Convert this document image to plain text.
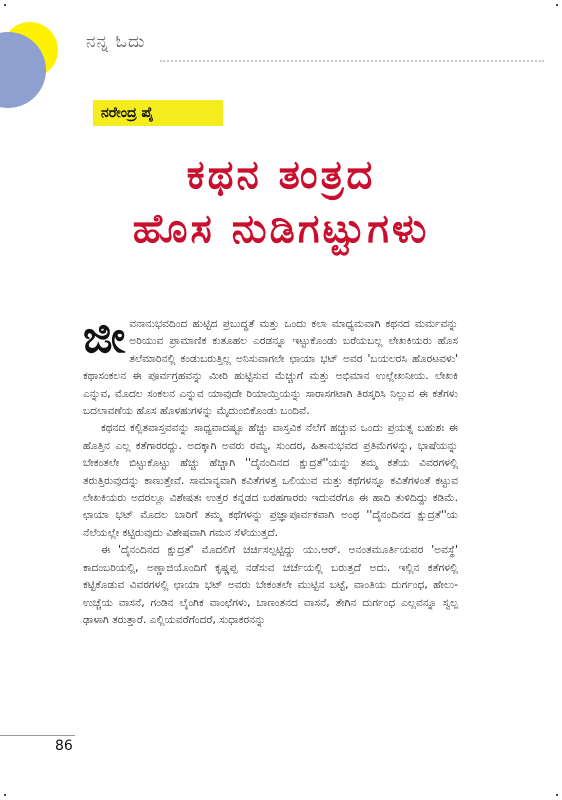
ನನ್ನ ಓದು
ನರೇಂದ್ರ ಪೈ
ಕಥನ ತಂತ್ರದ
ಹೊಸ ನುಡಿಗಟ್ಟುಗಳು

ಜೀವನಾನುಭವದಿಂದ ಹುಟ್ಟಿದ ಪ್ರಬುದ್ಧತೆ ಮತ್ತು ಒಂದು ಕಲಾ ಮಾಧ್ಯಮವಾಗಿ ಕಥನದ ಮರ್ಮವನ್ನು ಅರಿಯುವ ಪ್ರಾಮಾಣಿಕ ಕುತೂಹಲ ಎರಡನ್ನೂ ಇಟ್ಟುಕೊಂಡು ಬರೆಯಬಲ್ಲ ಲೇಖಕಿಯರು ಹೊಸ ತಲೆಮಾರಿನಲ್ಲಿ ಕಂಡುಬರುತ್ತಿಲ್ಲ ಅನಿಸುವಾಗಲೇ ಛಾಯಾ ಭಟ್ ಅವರ 'ಬಯಲರಸಿ ಹೊರಟವಳು' ಕಥಾಸಂಕಲನ ಈ ಪೂರ್ವಗ್ರಹವನ್ನು ಮೀರಿ ಹುಟ್ಟಿಸುವ ಮೆಚ್ಚುಗೆ ಮತ್ತು ಅಭಿಮಾನ ಉಲ್ಲೇಖನೀಯ. ಲೇಖಕಿ ಎನ್ನುವ, ಮೊದಲ ಸಂಕಲನ ಎನ್ನುವ ಯಾವುದೇ ರಿಯಾಯ್ತಿಯನ್ನು ಸಾರಾಸಗಟಾಗಿ ತಿರಸ್ಕರಿಸಿ ನಿಲ್ಲುವ ಈ ಕತೆಗಳು ಬದಲಾವಣೆಯ ಹೊಸ ಹೊಳಹುಗಳನ್ನು ಮೈದುಂಬಿಕೊಂಡು ಬಂದಿವೆ.

ಕಥನದ ಕಲ್ಪಿತವಾಸ್ತವವನ್ನು ಸಾಧ್ಯವಾದಷ್ಟೂ ಹೆಚ್ಚು ವಾಸ್ತವಿಕ ನೆಲೆಗೆ ಹಚ್ಚುವ ಒಂದು ಪ್ರಯತ್ನ ಬಹುಶಃ ಈ ಹೊತ್ತಿನ ಎಲ್ಲ ಕತೆಗಾರರದ್ದು. ಅದಕ್ಕಾಗಿ ಅವರು ರಮ್ಯ, ಸುಂದರ, ಹಿತಾನುಭವದ ಪ್ರತಿಮೆಗಳನ್ನು, ಭಾಷೆಯನ್ನು ಬೇಕಂತಲೇ ಬಿಟ್ಟುಕೊಟ್ಟು ಹೆಚ್ಚು ಹೆಚ್ಚಾಗಿ ''ದೈನಂದಿನದ ಕ್ಷುದ್ರತೆ''ಯನ್ನು ತಮ್ಮ ಕತೆಯ ವಿವರಗಳಲ್ಲಿ ತರುತ್ತಿರುವುದನ್ನು ಕಾಣುತ್ತೇವೆ. ಸಾಮಾನ್ಯವಾಗಿ ಕವಿತೆಗಳತ್ತ ಒಲಿಯುವ ಮತ್ತು ಕಥೆಗಳನ್ನೂ ಕವಿತೆಗಳಂತೆ ಕಟ್ಟುವ ಲೇಖಕಿಯರು ಅದರಲ್ಲೂ ವಿಶೇಷತಃ ಉತ್ತರ ಕನ್ನಡದ ಬರಹಗಾರರು ಇದುವರೆಗೂ ಈ ಹಾದಿ ತುಳಿದಿದ್ದು ಕಡಿಮೆ. ಛಾಯಾ ಭಟ್ ಮೊದಲ ಬಾರಿಗೆ ತಮ್ಮ ಕಥೆಗಳನ್ನು ಪ್ರಜ್ಞಾಪೂರ್ವಕವಾಗಿ ಅಂಥ ''ದೈನಂದಿನದ ಕ್ಷುದ್ರತೆ''ಯ ನೆಲೆಯಲ್ಲೇ ಕಟ್ಟಿರುವುದು ವಿಶೇಷವಾಗಿ ಗಮನ ಸೆಳೆಯುತ್ತದೆ.

ಈ 'ದೈನಂದಿನದ ಕ್ಷುದ್ರತೆ' ಮೊದಲಿಗೆ ಚರ್ಚಿಸಲ್ಪಟ್ಟಿದ್ದು ಯು.ಆರ್. ಅನಂತಮೂರ್ತಿಯವರ 'ಅವಸ್ಥೆ' ಕಾದಂಬರಿಯಲ್ಲಿ, ಅಣ್ಣಾಜಿಯೊಂದಿಗೆ ಕೃಷ್ಣಪ್ಪ ನಡೆಸುವ ಚರ್ಚೆಯಲ್ಲಿ ಬರುತ್ತದೆ ಅದು. ಇಲ್ಲಿನ ಕತೆಗಳಲ್ಲಿ ಕಟ್ಟಿಕೊಡುವ ವಿವರಗಳಲ್ಲಿ ಛಾಯಾ ಭಟ್ ಅವರು ಬೇಕಂತಲೇ ಮುಟ್ಟಿನ ಬಟ್ಟೆ, ವಾಂತಿಯ ದುರ್ಗಂಧ, ಹೇಲು-ಉಚ್ಚೆಯ ವಾಸನೆ, ಗಂಡಿನ ಲೈಂಗಿಕ ವಾಂಛೆಗಳು, ಬಾಣಂತನದ ವಾಸನೆ, ತೇಗಿನ ದುರ್ಗಂಧ ಎಲ್ಲವನ್ನೂ ಸ್ವಲ್ಪ ಢಾಳಾಗಿ ತರುತ್ತಾರೆ. ಎಲ್ಲಿಯವರೆಗೆಂದರೆ, ಸುಧಾಕರನನ್ನು

86
